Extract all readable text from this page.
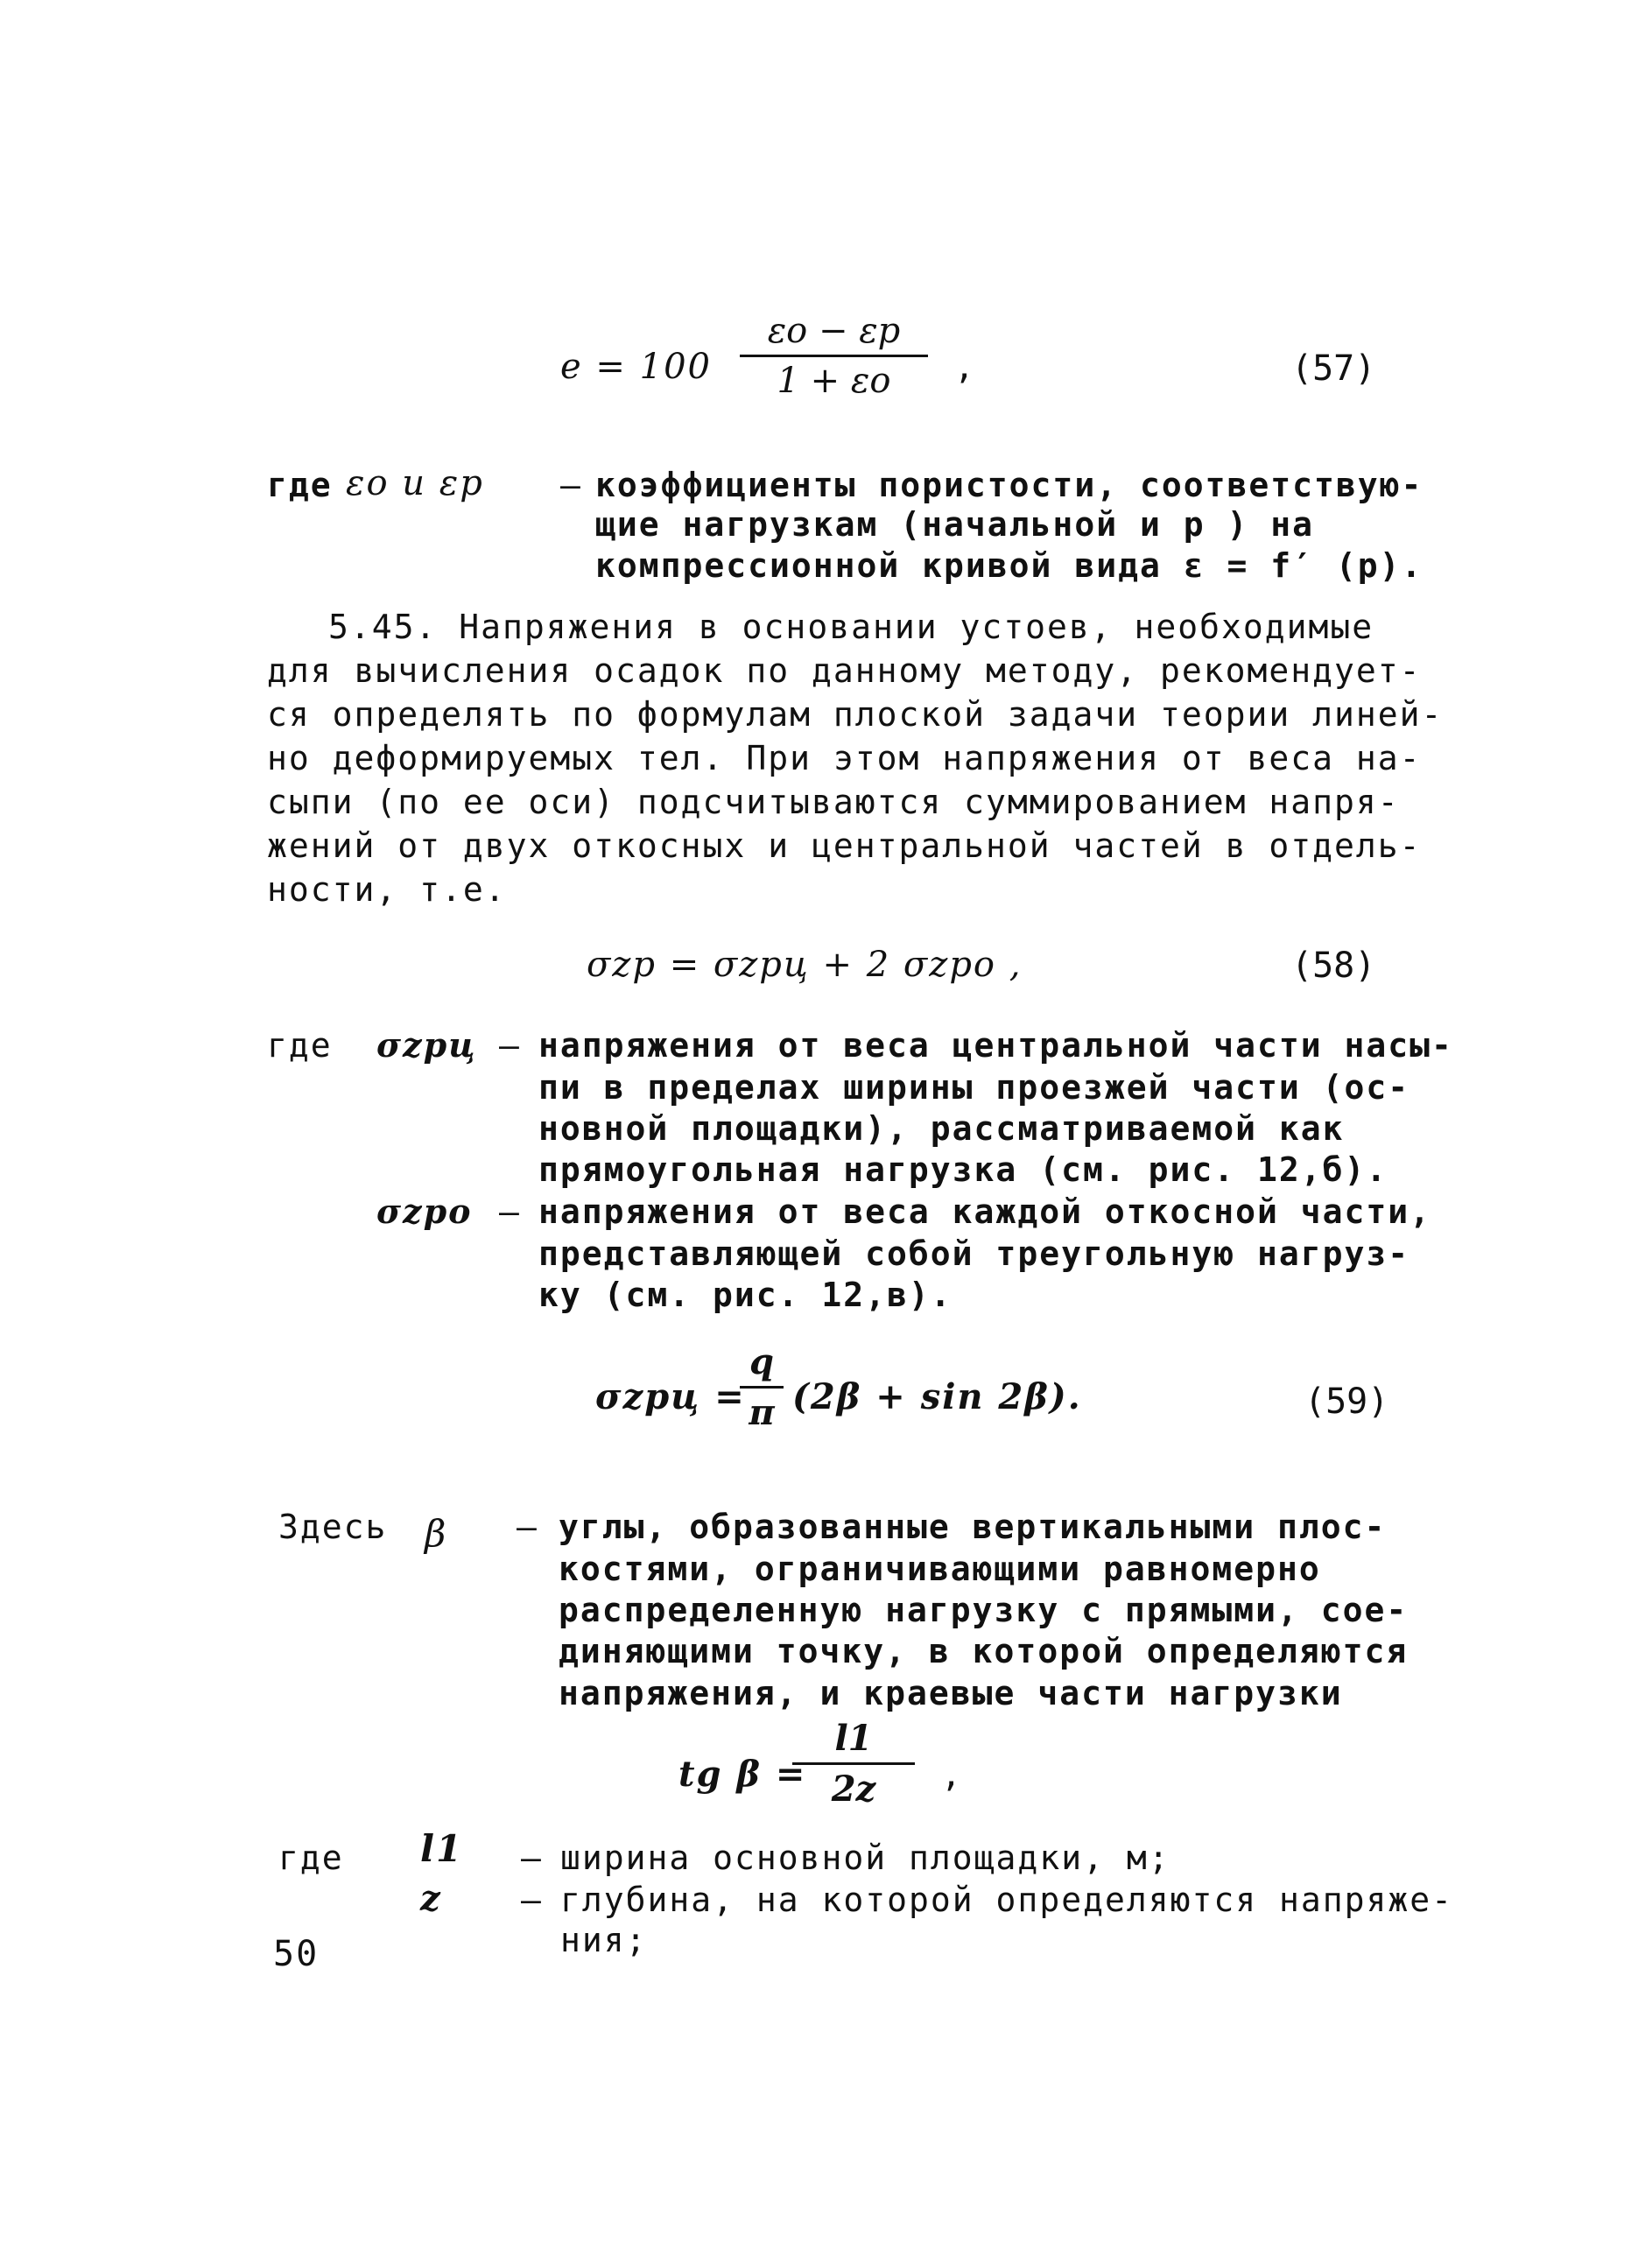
e = 100
εo − εp
1 + εo	,	(57)
где εo и εp – коэффициенты пористости, соответствую-
щие нагрузкам (начальной и p ) на
компрессионной кривой вида ε = f′ (p).
5.45. Напряжения в основании устоев, необходимые
для вычисления осадок по данному методу, рекомендует-
ся определять по формулам плоской задачи теории линей-
но деформируемых тел. При этом напряжения от веса на-
сыпи (по ее оси) подсчитываются суммированием напря-
жений от двух откосных и центральной частей в отдель-
ности, т.е.
σzp = σzpц + 2 σzpo ,	(58)
где σzpц – напряжения от веса центральной части насы-
пи в пределах ширины проезжей части (ос-
новной площадки), рассматриваемой как
прямоугольная нагрузка (см. рис. 12,б).
σzpo – напряжения от веса каждой откосной части,
представляющей собой треугольную нагруз-
ку (см. рис. 12,в).
σzpц =
q
π (2β + sin 2β).	(59)
Здесь β – углы, образованные вертикальными плос-
костями, ограничивающими равномерно
распределенную нагрузку с прямыми, сое-
диняющими точку, в которой определяются
напряжения, и краевые части нагрузки
tg β =
l1
2z	,
где l1 – ширина основной площадки, м;
z – глубина, на которой определяются напряже-
ния;
50
